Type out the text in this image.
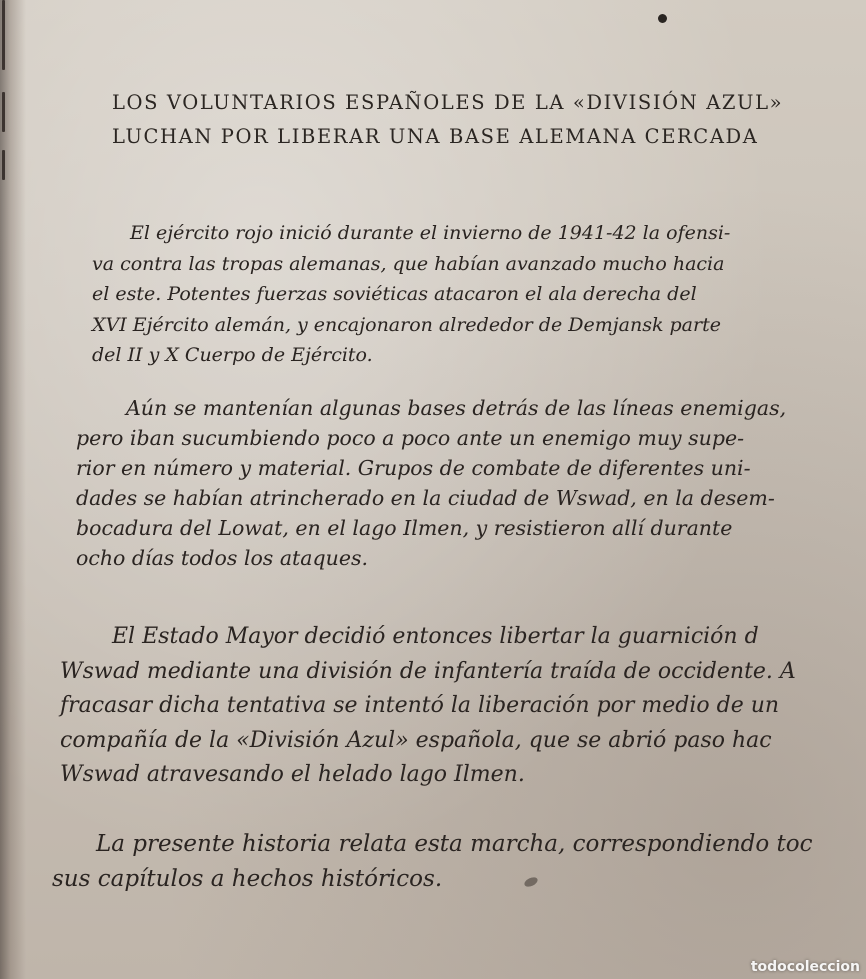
LOS VOLUNTARIOS ESPAÑOLES DE LA «DIVISIÓN AZUL»
LUCHAN POR LIBERAR UNA BASE ALEMANA CERCADA

El ejército rojo inició durante el invierno de 1941-42 la ofensi-
va contra las tropas alemanas, que habían avanzado mucho hacia
el este. Potentes fuerzas soviéticas atacaron el ala derecha del
XVI Ejército alemán, y encajonaron alrededor de Demjansk parte
del II y X Cuerpo de Ejército.

Aún se mantenían algunas bases detrás de las líneas enemigas,
pero iban sucumbiendo poco a poco ante un enemigo muy supe-
rior en número y material. Grupos de combate de diferentes uni-
dades se habían atrincherado en la ciudad de Wswad, en la desem-
bocadura del Lowat, en el lago Ilmen, y resistieron allí durante
ocho días todos los ataques.

El Estado Mayor decidió entonces libertar la guarnición d
Wswad mediante una división de infantería traída de occidente. A
fracasar dicha tentativa se intentó la liberación por medio de un
compañía de la «División Azul» española, que se abrió paso hac
Wswad atravesando el helado lago Ilmen.

La presente historia relata esta marcha, correspondiendo toc
sus capítulos a hechos históricos.

todocoleccion
